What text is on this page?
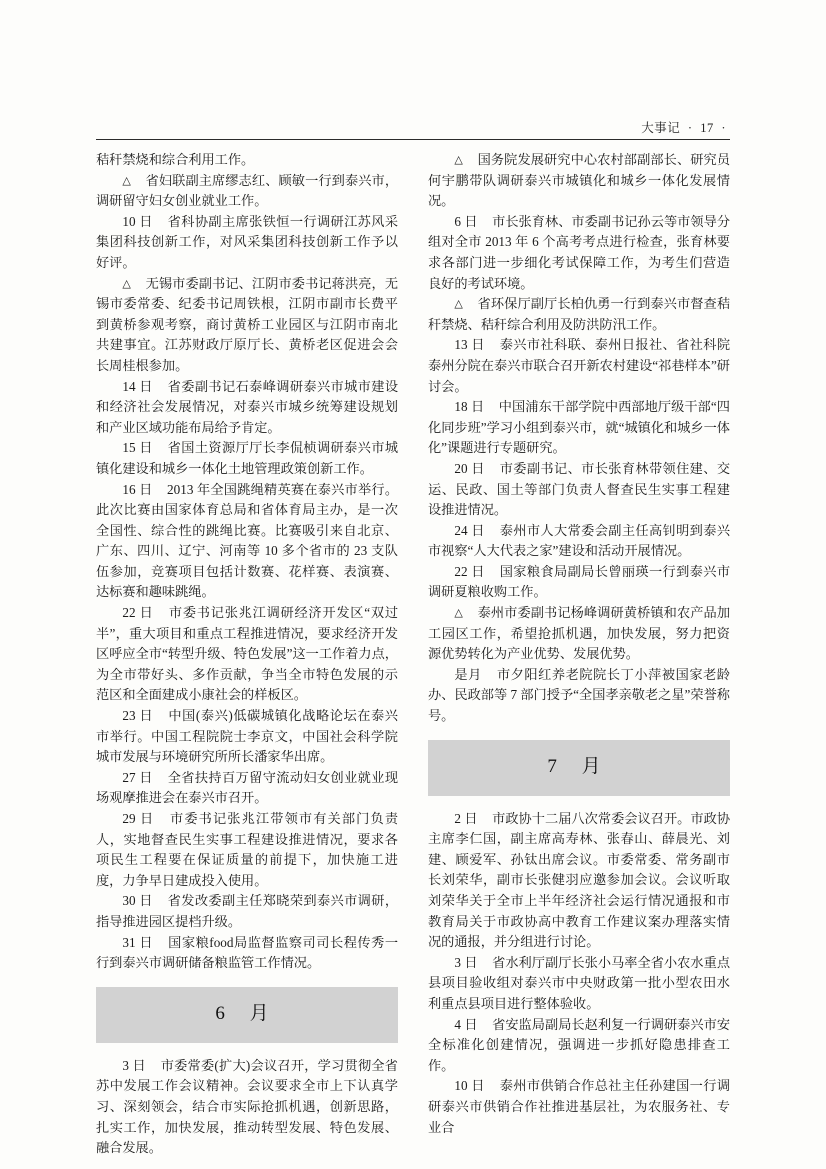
大事记 · 17 ·

秸秆禁烧和综合利用工作。

△ 省妇联副主席缪志红、顾敏一行到泰兴市，调研留守妇女创业就业工作。

10 日 省科协副主席张铁恒一行调研江苏风采集团科技创新工作，对风采集团科技创新工作予以好评。

△ 无锡市委副书记、江阴市委书记蒋洪亮，无锡市委常委、纪委书记周铁根，江阴市副市长费平到黄桥参观考察，商讨黄桥工业园区与江阴市南北共建事宜。江苏财政厅原厅长、黄桥老区促进会会长周桂根参加。

14 日 省委副书记石泰峰调研泰兴市城市建设和经济社会发展情况，对泰兴市城乡统筹建设规划和产业区域功能布局给予肯定。

15 日 省国土资源厅厅长李侃桢调研泰兴市城镇化建设和城乡一体化土地管理政策创新工作。

16 日 2013 年全国跳绳精英赛在泰兴市举行。此次比赛由国家体育总局和省体育局主办，是一次全国性、综合性的跳绳比赛。比赛吸引来自北京、广东、四川、辽宁、河南等 10 多个省市的 23 支队伍参加，竞赛项目包括计数赛、花样赛、表演赛、达标赛和趣味跳绳。

22 日 市委书记张兆江调研经济开发区“双过半”，重大项目和重点工程推进情况，要求经济开发区呼应全市“转型升级、特色发展”这一工作着力点，为全市带好头、多作贡献，争当全市特色发展的示范区和全面建成小康社会的样板区。

23 日 中国(泰兴)低碳城镇化战略论坛在泰兴市举行。中国工程院院士李京文，中国社会科学院城市发展与环境研究所所长潘家华出席。

27 日 全省扶持百万留守流动妇女创业就业现场观摩推进会在泰兴市召开。

29 日 市委书记张兆江带领市有关部门负责人，实地督查民生实事工程建设推进情况，要求各项民生工程要在保证质量的前提下，加快施工进度，力争早日建成投入使用。

30 日 省发改委副主任郑晓荣到泰兴市调研，指导推进园区提档升级。

31 日 国家粮food局监督监察司司长程传秀一行到泰兴市调研储备粮监管工作情况。

6 月

3 日 市委常委(扩大)会议召开，学习贯彻全省苏中发展工作会议精神。会议要求全市上下认真学习、深刻领会，结合市实际抢抓机遇，创新思路，扎实工作，加快发展，推动转型发展、特色发展、融合发展。

△ 国务院发展研究中心农村部副部长、研究员何宇鹏带队调研泰兴市城镇化和城乡一体化发展情况。

6 日 市长张育林、市委副书记孙云等市领导分组对全市 2013 年 6 个高考考点进行检查，张育林要求各部门进一步细化考试保障工作，为考生们营造良好的考试环境。

△ 省环保厅副厅长柏仇勇一行到泰兴市督查秸秆禁烧、秸秆综合利用及防洪防汛工作。

13 日 泰兴市社科联、泰州日报社、省社科院泰州分院在泰兴市联合召开新农村建设“祁巷样本”研讨会。

18 日 中国浦东干部学院中西部地厅级干部“四化同步班”学习小组到泰兴市，就“城镇化和城乡一体化”课题进行专题研究。

20 日 市委副书记、市长张育林带领住建、交运、民政、国土等部门负责人督查民生实事工程建设推进情况。

24 日 泰州市人大常委会副主任高钊明到泰兴市视察“人大代表之家”建设和活动开展情况。

22 日 国家粮食局副局长曾丽瑛一行到泰兴市调研夏粮收购工作。

△ 泰州市委副书记杨峰调研黄桥镇和农产品加工园区工作，希望抢抓机遇，加快发展，努力把资源优势转化为产业优势、发展优势。

是月 市夕阳红养老院院长丁小萍被国家老龄办、民政部等 7 部门授予“全国孝亲敬老之星”荣誉称号。

7 月

2 日 市政协十二届八次常委会议召开。市政协主席李仁国，副主席高寿林、张春山、薛晨光、刘建、顾爱军、孙钛出席会议。市委常委、常务副市长刘荣华，副市长张健羽应邀参加会议。会议听取刘荣华关于全市上半年经济社会运行情况通报和市教育局关于市政协高中教育工作建议案办理落实情况的通报，并分组进行讨论。

3 日 省水利厅副厅长张小马率全省小农水重点县项目验收组对泰兴市中央财政第一批小型农田水利重点县项目进行整体验收。

4 日 省安监局副局长赵利复一行调研泰兴市安全标准化创建情况，强调进一步抓好隐患排查工作。

10 日 泰州市供销合作总社主任孙建国一行调研泰兴市供销合作社推进基层社，为农服务社、专业合
